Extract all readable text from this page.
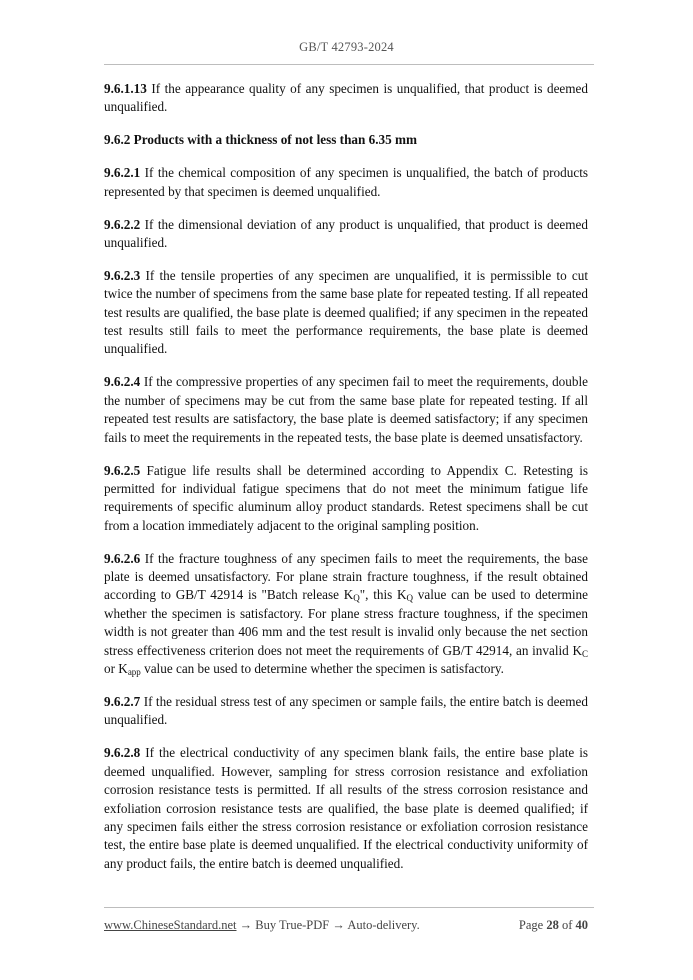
GB/T 42793-2024

9.6.1.13 If the appearance quality of any specimen is unqualified, that product is deemed unqualified.

9.6.2 Products with a thickness of not less than 6.35 mm

9.6.2.1 If the chemical composition of any specimen is unqualified, the batch of products represented by that specimen is deemed unqualified.

9.6.2.2 If the dimensional deviation of any product is unqualified, that product is deemed unqualified.

9.6.2.3 If the tensile properties of any specimen are unqualified, it is permissible to cut twice the number of specimens from the same base plate for repeated testing. If all repeated test results are qualified, the base plate is deemed qualified; if any specimen in the repeated test results still fails to meet the performance requirements, the base plate is deemed unqualified.

9.6.2.4 If the compressive properties of any specimen fail to meet the requirements, double the number of specimens may be cut from the same base plate for repeated testing. If all repeated test results are satisfactory, the base plate is deemed satisfactory; if any specimen fails to meet the requirements in the repeated tests, the base plate is deemed unsatisfactory.

9.6.2.5 Fatigue life results shall be determined according to Appendix C. Retesting is permitted for individual fatigue specimens that do not meet the minimum fatigue life requirements of specific aluminum alloy product standards. Retest specimens shall be cut from a location immediately adjacent to the original sampling position.

9.6.2.6 If the fracture toughness of any specimen fails to meet the requirements, the base plate is deemed unsatisfactory. For plane strain fracture toughness, if the result obtained according to GB/T 42914 is "Batch release $K_Q$", this $K_Q$ value can be used to determine whether the specimen is satisfactory. For plane stress fracture toughness, if the specimen width is not greater than 406 mm and the test result is invalid only because the net section stress effectiveness criterion does not meet the requirements of GB/T 42914, an invalid $K_C$ or $K_{app}$ value can be used to determine whether the specimen is satisfactory.

9.6.2.7 If the residual stress test of any specimen or sample fails, the entire batch is deemed unqualified.

9.6.2.8 If the electrical conductivity of any specimen blank fails, the entire base plate is deemed unqualified. However, sampling for stress corrosion resistance and exfoliation corrosion resistance tests is permitted. If all results of the stress corrosion resistance and exfoliation corrosion resistance tests are qualified, the base plate is deemed qualified; if any specimen fails either the stress corrosion resistance or exfoliation corrosion resistance test, the entire base plate is deemed unqualified. If the electrical conductivity uniformity of any product fails, the entire batch is deemed unqualified.

www.ChineseStandard.net → Buy True-PDF → Auto-delivery.	Page 28 of 40
